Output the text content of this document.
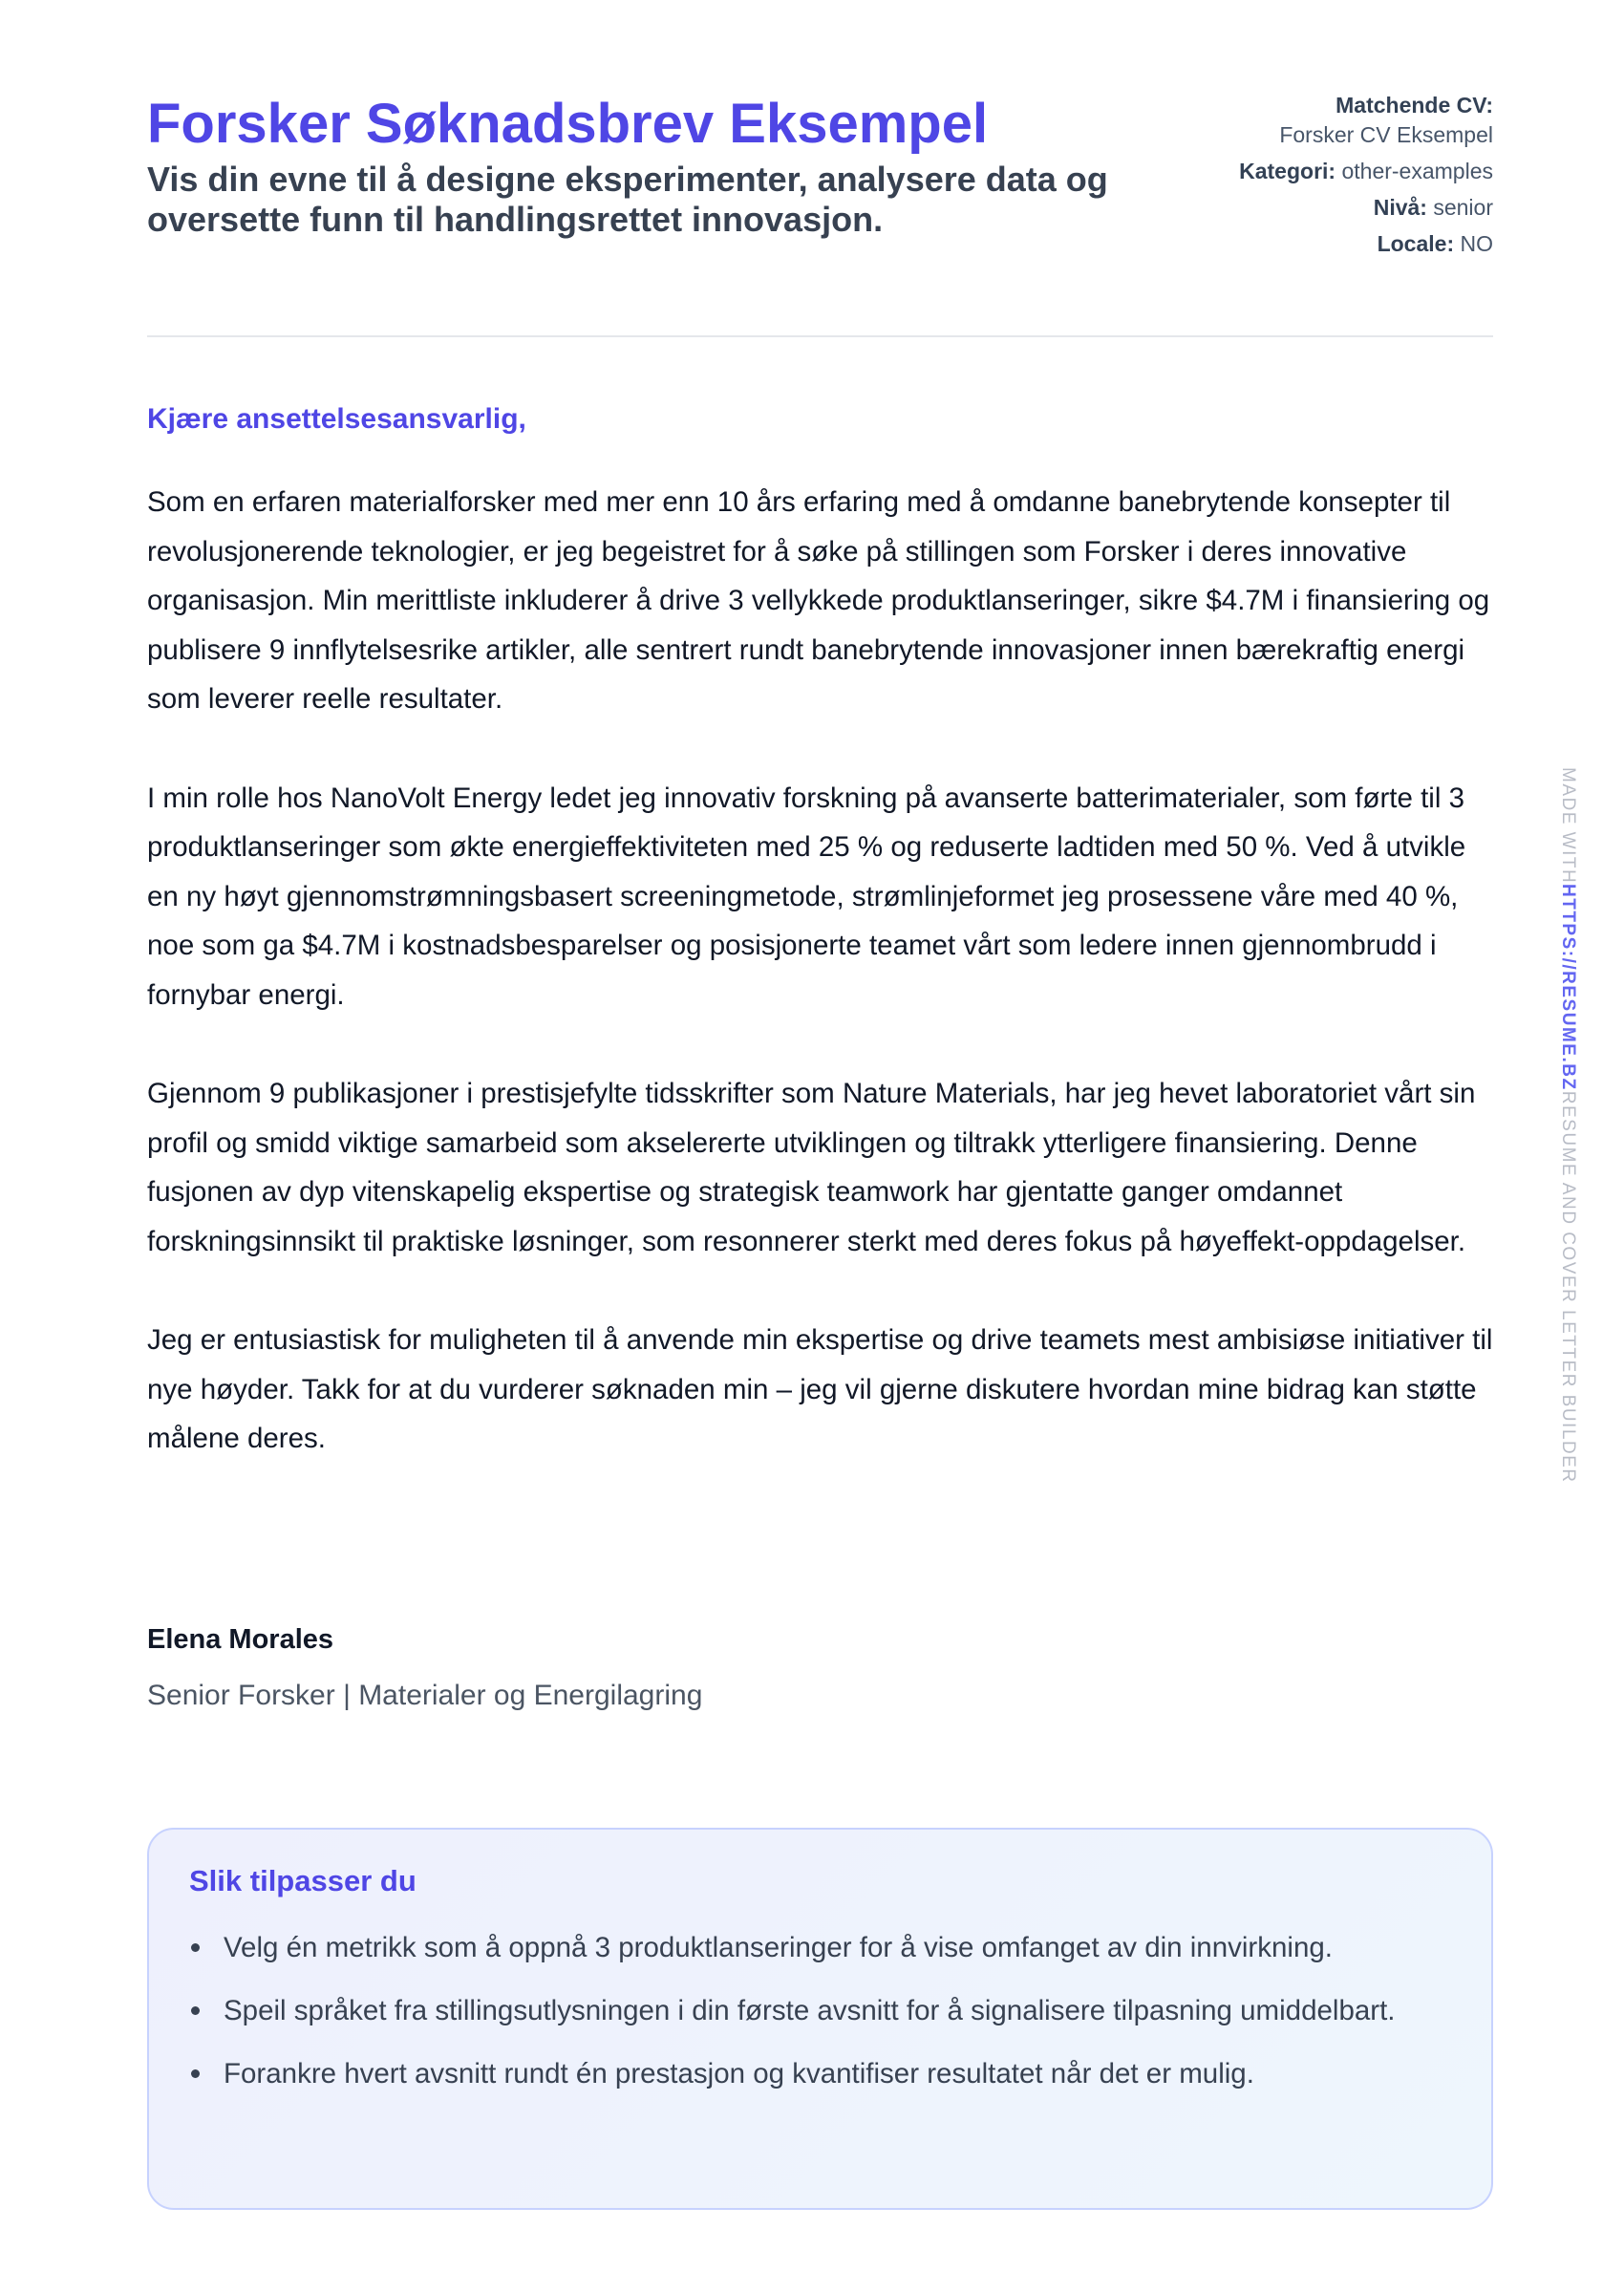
Forsker Søknadsbrev Eksempel
Vis din evne til å designe eksperimenter, analysere data og oversette funn til handlingsrettet innovasjon.
Matchende CV:
Forsker CV Eksempel
Kategori: other-examples
Nivå: senior
Locale: NO
Kjære ansettelsesansvarlig,

Som en erfaren materialforsker med mer enn 10 års erfaring med å omdanne banebrytende konsepter til revolusjonerende teknologier, er jeg begeistret for å søke på stillingen som Forsker i deres innovative organisasjon. Min merittliste inkluderer å drive 3 vellykkede produktlanseringer, sikre $4.7M i finansiering og publisere 9 innflytelsesrike artikler, alle sentrert rundt banebrytende innovasjoner innen bærekraftig energi som leverer reelle resultater.

I min rolle hos NanoVolt Energy ledet jeg innovativ forskning på avanserte batterimaterialer, som førte til 3 produktlanseringer som økte energieffektiviteten med 25 % og reduserte ladtiden med 50 %. Ved å utvikle en ny høyt gjennomstrømningsbasert screeningmetode, strømlinjeformet jeg prosessene våre med 40 %, noe som ga $4.7M i kostnadsbesparelser og posisjonerte teamet vårt som ledere innen gjennombrudd i fornybar energi.

Gjennom 9 publikasjoner i prestisjefylte tidsskrifter som Nature Materials, har jeg hevet laboratoriet vårt sin profil og smidd viktige samarbeid som akselererte utviklingen og tiltrakk ytterligere finansiering. Denne fusjonen av dyp vitenskapelig ekspertise og strategisk teamwork har gjentatte ganger omdannet forskningsinnsikt til praktiske løsninger, som resonnerer sterkt med deres fokus på høyeffekt-oppdagelser.

Jeg er entusiastisk for muligheten til å anvende min ekspertise og drive teamets mest ambisiøse initiativer til nye høyder. Takk for at du vurderer søknaden min – jeg vil gjerne diskutere hvordan mine bidrag kan støtte målene deres.

Elena Morales
Senior Forsker | Materialer og Energilagring
Slik tilpasser du
Velg én metrikk som å oppnå 3 produktlanseringer for å vise omfanget av din innvirkning.
Speil språket fra stillingsutlysningen i din første avsnitt for å signalisere tilpasning umiddelbart.
Forankre hvert avsnitt rundt én prestasjon og kvantifiser resultatet når det er mulig.
MADE WITHHTTPS://RESUME.BZRESUME AND COVER LETTER BUILDER
